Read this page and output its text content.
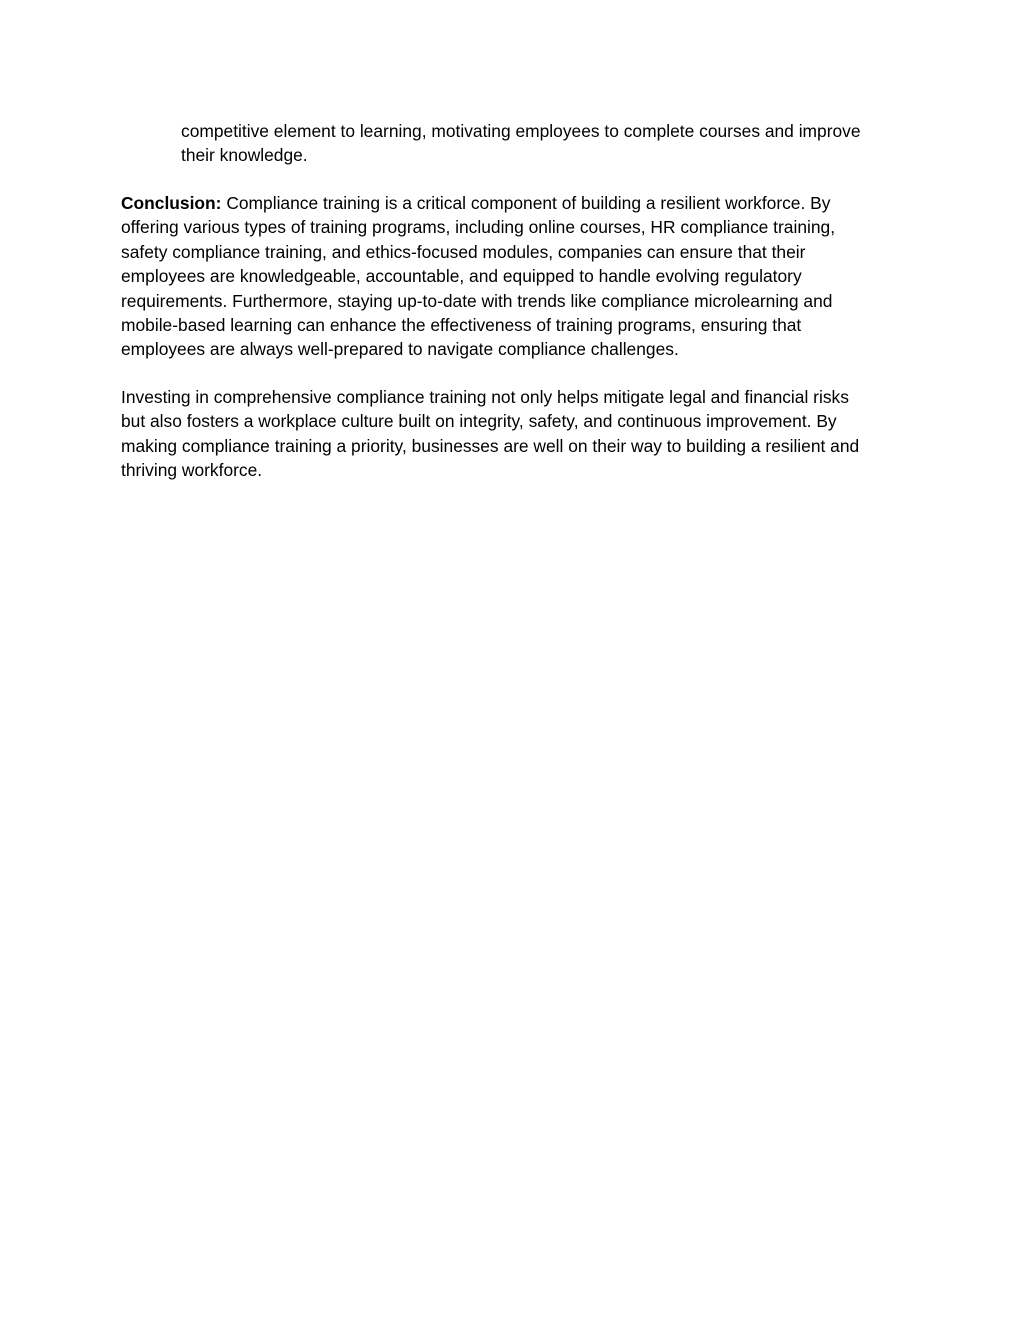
competitive element to learning, motivating employees to complete courses and improve
their knowledge.

Conclusion: Compliance training is a critical component of building a resilient workforce. By
offering various types of training programs, including online courses, HR compliance training,
safety compliance training, and ethics-focused modules, companies can ensure that their
employees are knowledgeable, accountable, and equipped to handle evolving regulatory
requirements. Furthermore, staying up-to-date with trends like compliance microlearning and
mobile-based learning can enhance the effectiveness of training programs, ensuring that
employees are always well-prepared to navigate compliance challenges.

Investing in comprehensive compliance training not only helps mitigate legal and financial risks
but also fosters a workplace culture built on integrity, safety, and continuous improvement. By
making compliance training a priority, businesses are well on their way to building a resilient and
thriving workforce.
